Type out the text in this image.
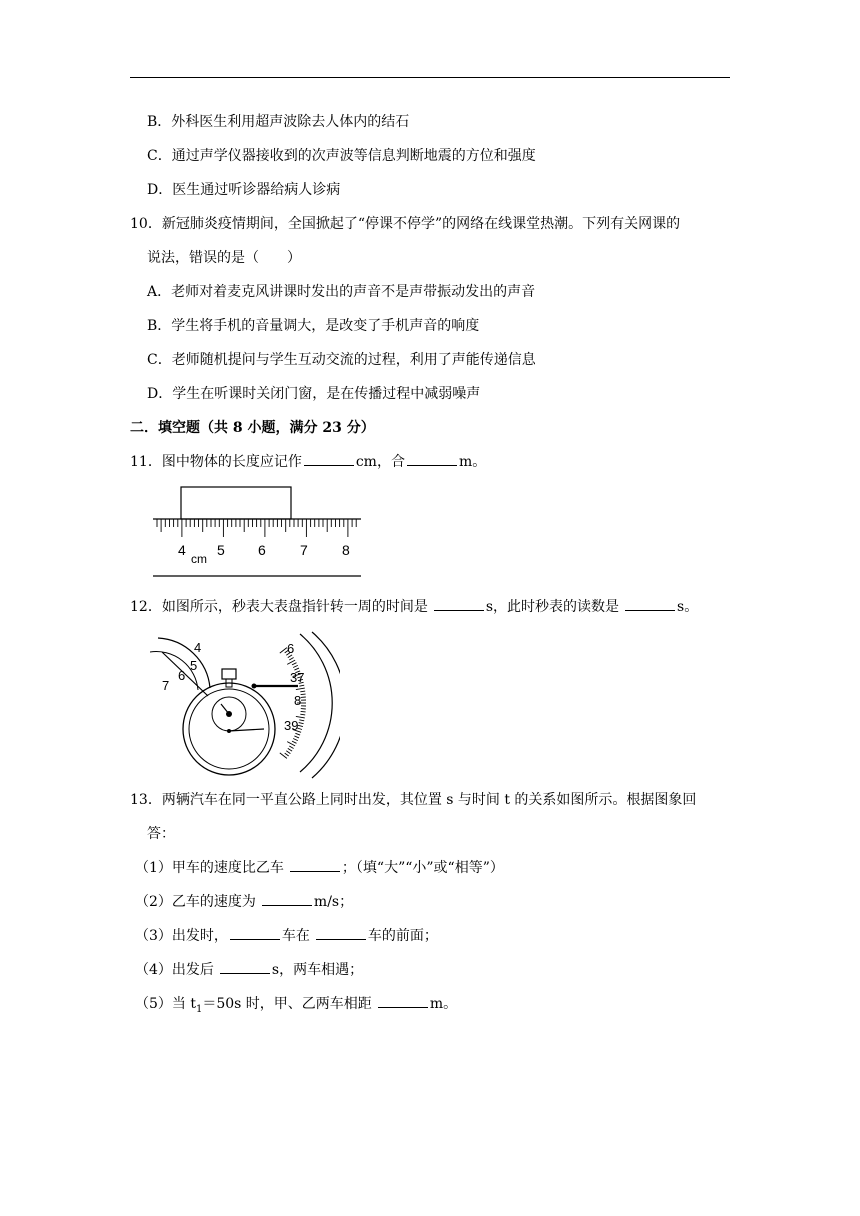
B．外科医生利用超声波除去人体内的结石
C．通过声学仪器接收到的次声波等信息判断地震的方位和强度
D．医生通过听诊器给病人诊病
10．新冠肺炎疫情期间，全国掀起了“停课不停学”的网络在线课堂热潮。下列有关网课的
说法，错误的是（　　）
A．老师对着麦克风讲课时发出的声音不是声带振动发出的声音
B．学生将手机的音量调大，是改变了手机声音的响度
C．老师随机提问与学生互动交流的过程，利用了声能传递信息
D．学生在听课时关闭门窗，是在传播过程中减弱噪声
二．填空题（共 8 小题，满分 23 分）
11．图中物体的长度应记作	cm，合	m。
4
cm
5 6 7 8
12．如图所示，秒表大表盘指针转一周的时间是	s，此时秒表的读数是	s。
4
5
6
7
6
37
8
39
13．两辆汽车在同一平直公路上同时出发，其位置 s 与时间 t 的关系如图所示。根据图象回
答：
（1）甲车的速度比乙车	；（填“大”“小”或“相等”）
（2）乙车的速度为	m/s；
（3）出发时，	车在	车的前面；
（4）出发后	s，两车相遇；
（5）当 $t_1=50s$ 时，甲、乙两车相距	m。
